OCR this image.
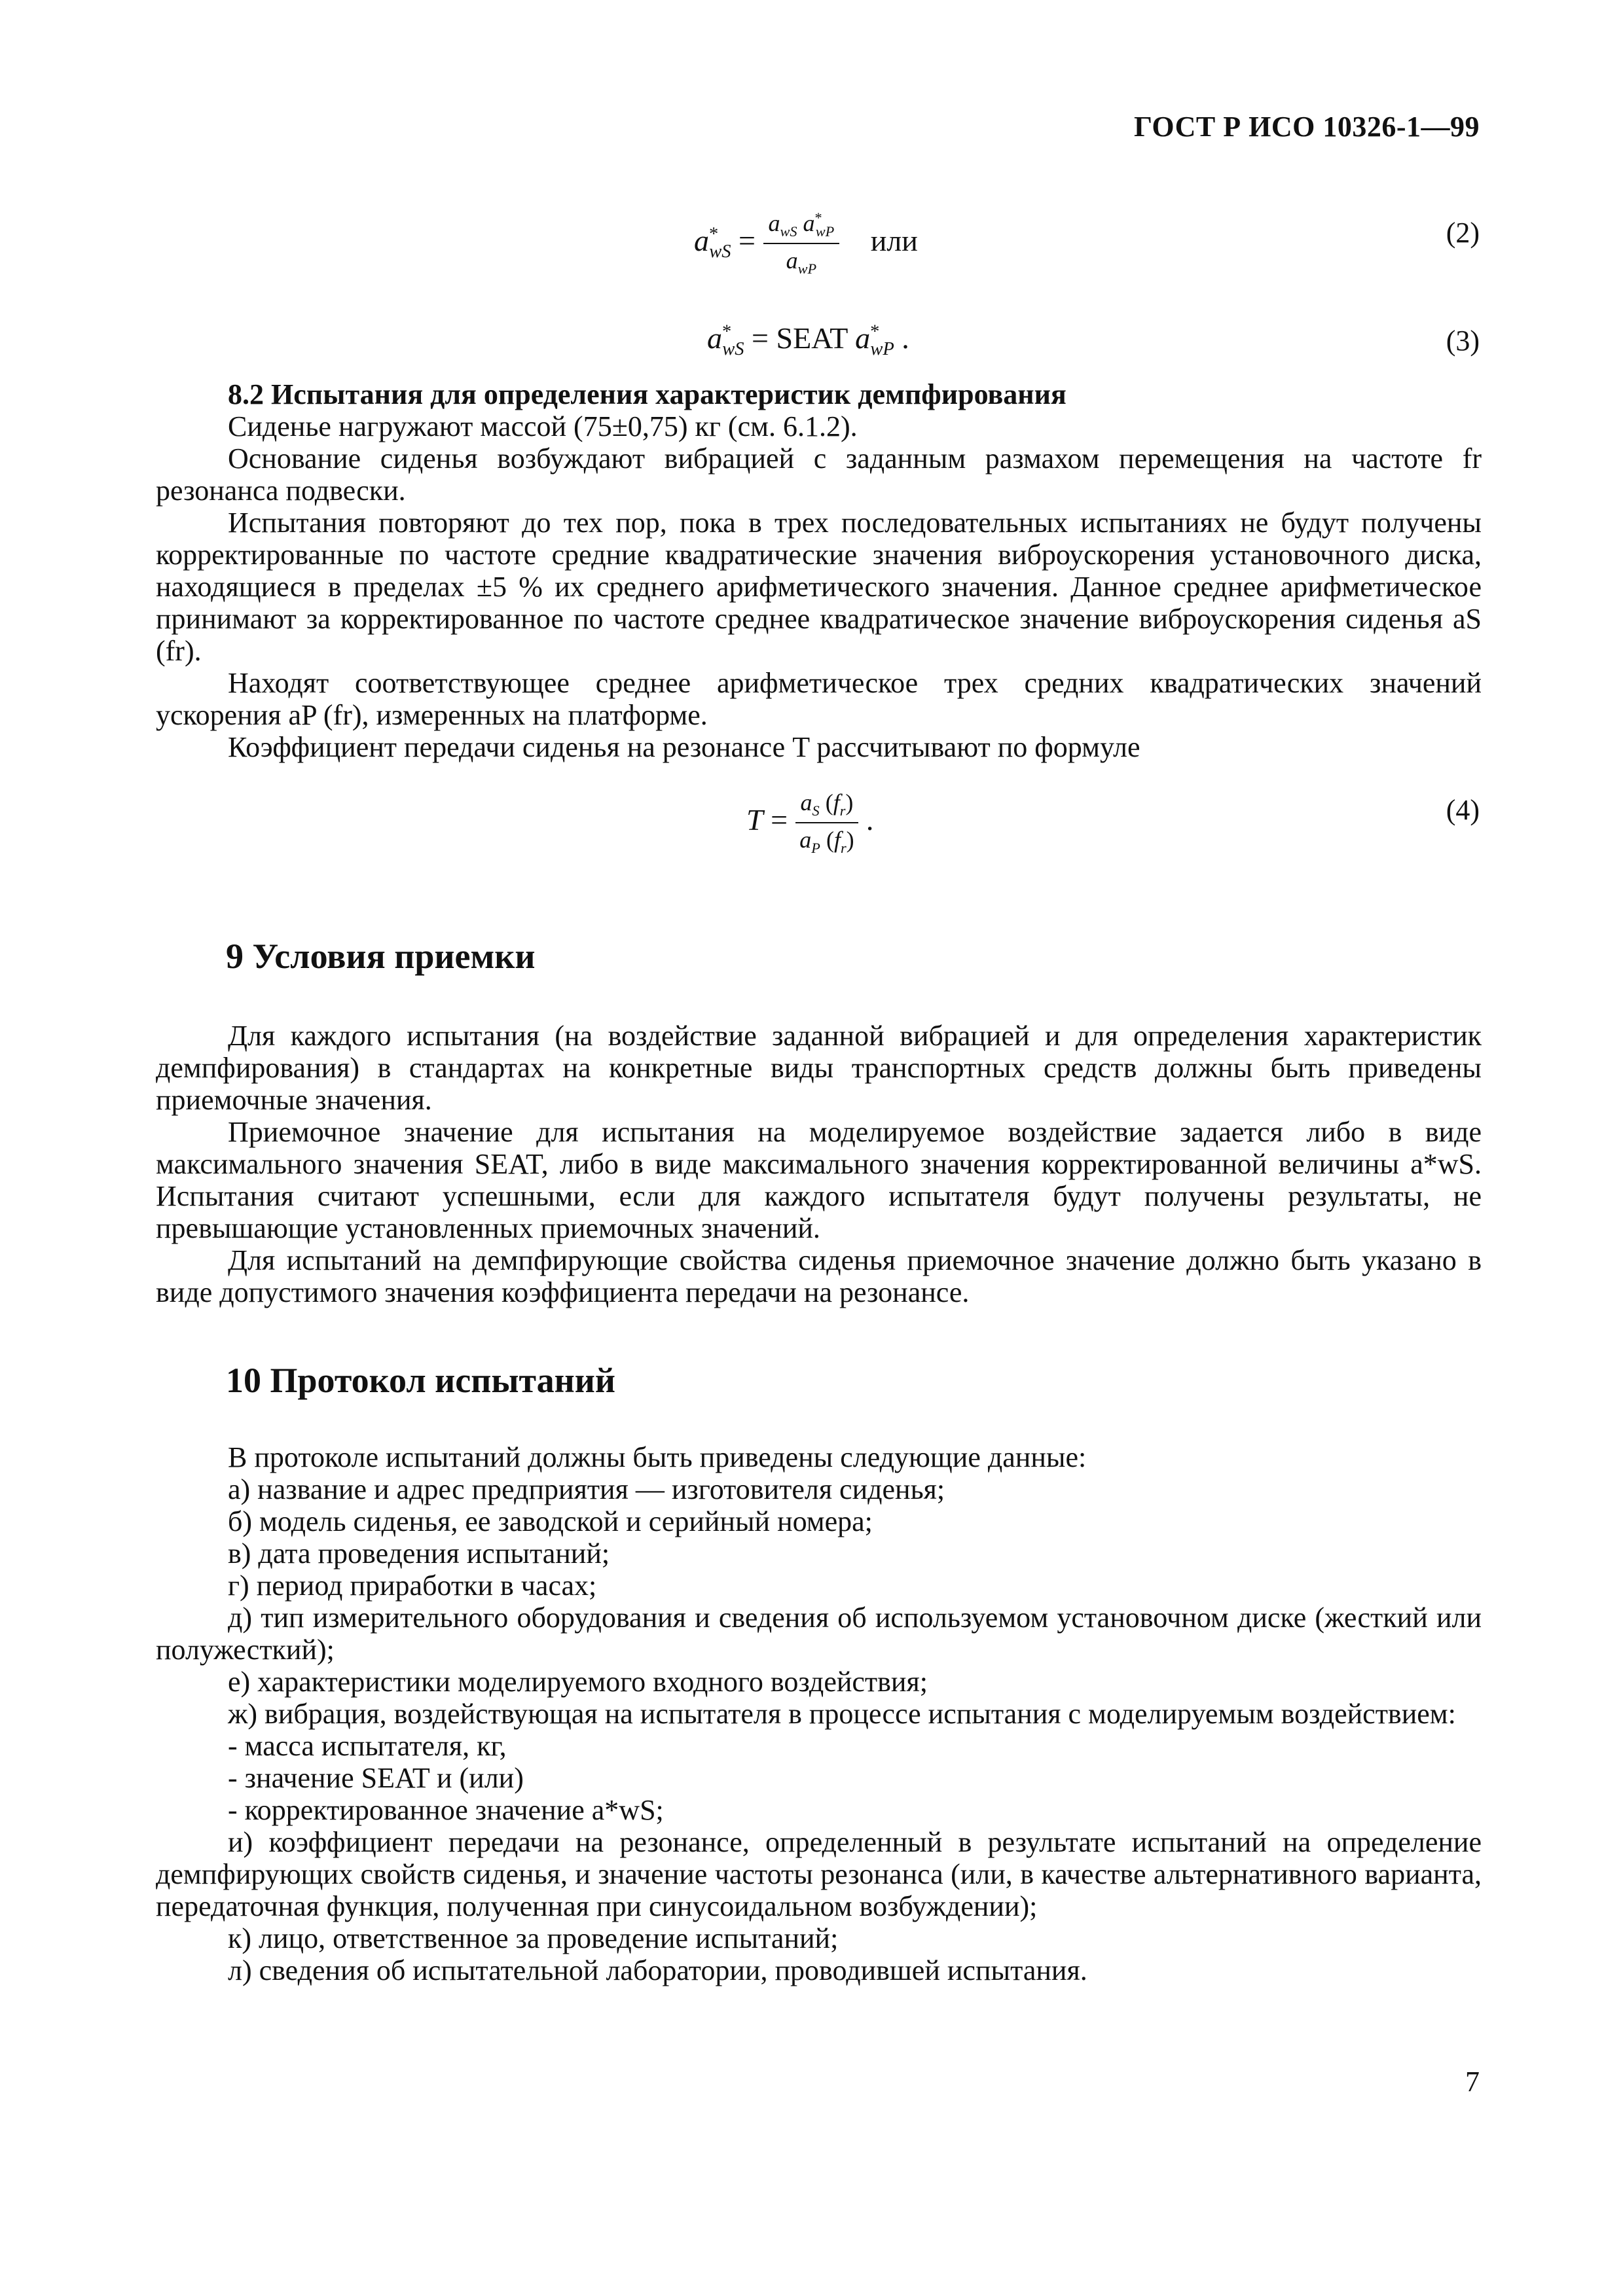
ГОСТ Р ИСО 10326-1—99
$a^*_{wS} = \frac{a_{wS} a^*_{wP}}{a_{wP}}$ или	(2)
$a^*_{wS}$ = SEAT $a^*_{wP}$ .	(3)

8.2 Испытания для определения характеристик демпфирования

Сиденье нагружают массой (75±0,75) кг (см. 6.1.2).

Основание сиденья возбуждают вибрацией с заданным размахом перемещения на частоте fr резонанса подвески.

Испытания повторяют до тех пор, пока в трех последовательных испытаниях не будут получены корректированные по частоте средние квадратические значения виброускорения установочного диска, находящиеся в пределах ±5 % их среднего арифметического значения. Данное среднее арифметическое принимают за корректированное по частоте среднее квадратическое значение виброускорения сиденья aS (fr).

Находят соответствующее среднее арифметическое трех средних квадратических значений ускорения aP (fr), измеренных на платформе.

Коэффициент передачи сиденья на резонансе T рассчитывают по формуле

$T = \frac{a_S (f_r)}{a_P (f_r)}$ .	(4)
9 Условия приемки

Для каждого испытания (на воздействие заданной вибрацией и для определения характеристик демпфирования) в стандартах на конкретные виды транспортных средств должны быть приведены приемочные значения.

Приемочное значение для испытания на моделируемое воздействие задается либо в виде максимального значения SEAT, либо в виде максимального значения корректированной величины a*wS. Испытания считают успешными, если для каждого испытателя будут получены результаты, не превышающие установленных приемочных значений.

Для испытаний на демпфирующие свойства сиденья приемочное значение должно быть указано в виде допустимого значения коэффициента передачи на резонансе.

10 Протокол испытаний

В протоколе испытаний должны быть приведены следующие данные:

а) название и адрес предприятия — изготовителя сиденья;

б) модель сиденья, ее заводской и серийный номера;

в) дата проведения испытаний;

г) период приработки в часах;

д) тип измерительного оборудования и сведения об используемом установочном диске (жесткий или полужесткий);

е) характеристики моделируемого входного воздействия;

ж) вибрация, воздействующая на испытателя в процессе испытания с моделируемым воздействием:

- масса испытателя, кг,

- значение SEAT и (или)

- корректированное значение a*wS;

и) коэффициент передачи на резонансе, определенный в результате испытаний на определение демпфирующих свойств сиденья, и значение частоты резонанса (или, в качестве альтернативного варианта, передаточная функция, полученная при синусоидальном возбуждении);

к) лицо, ответственное за проведение испытаний;

л) сведения об испытательной лаборатории, проводившей испытания.

7
